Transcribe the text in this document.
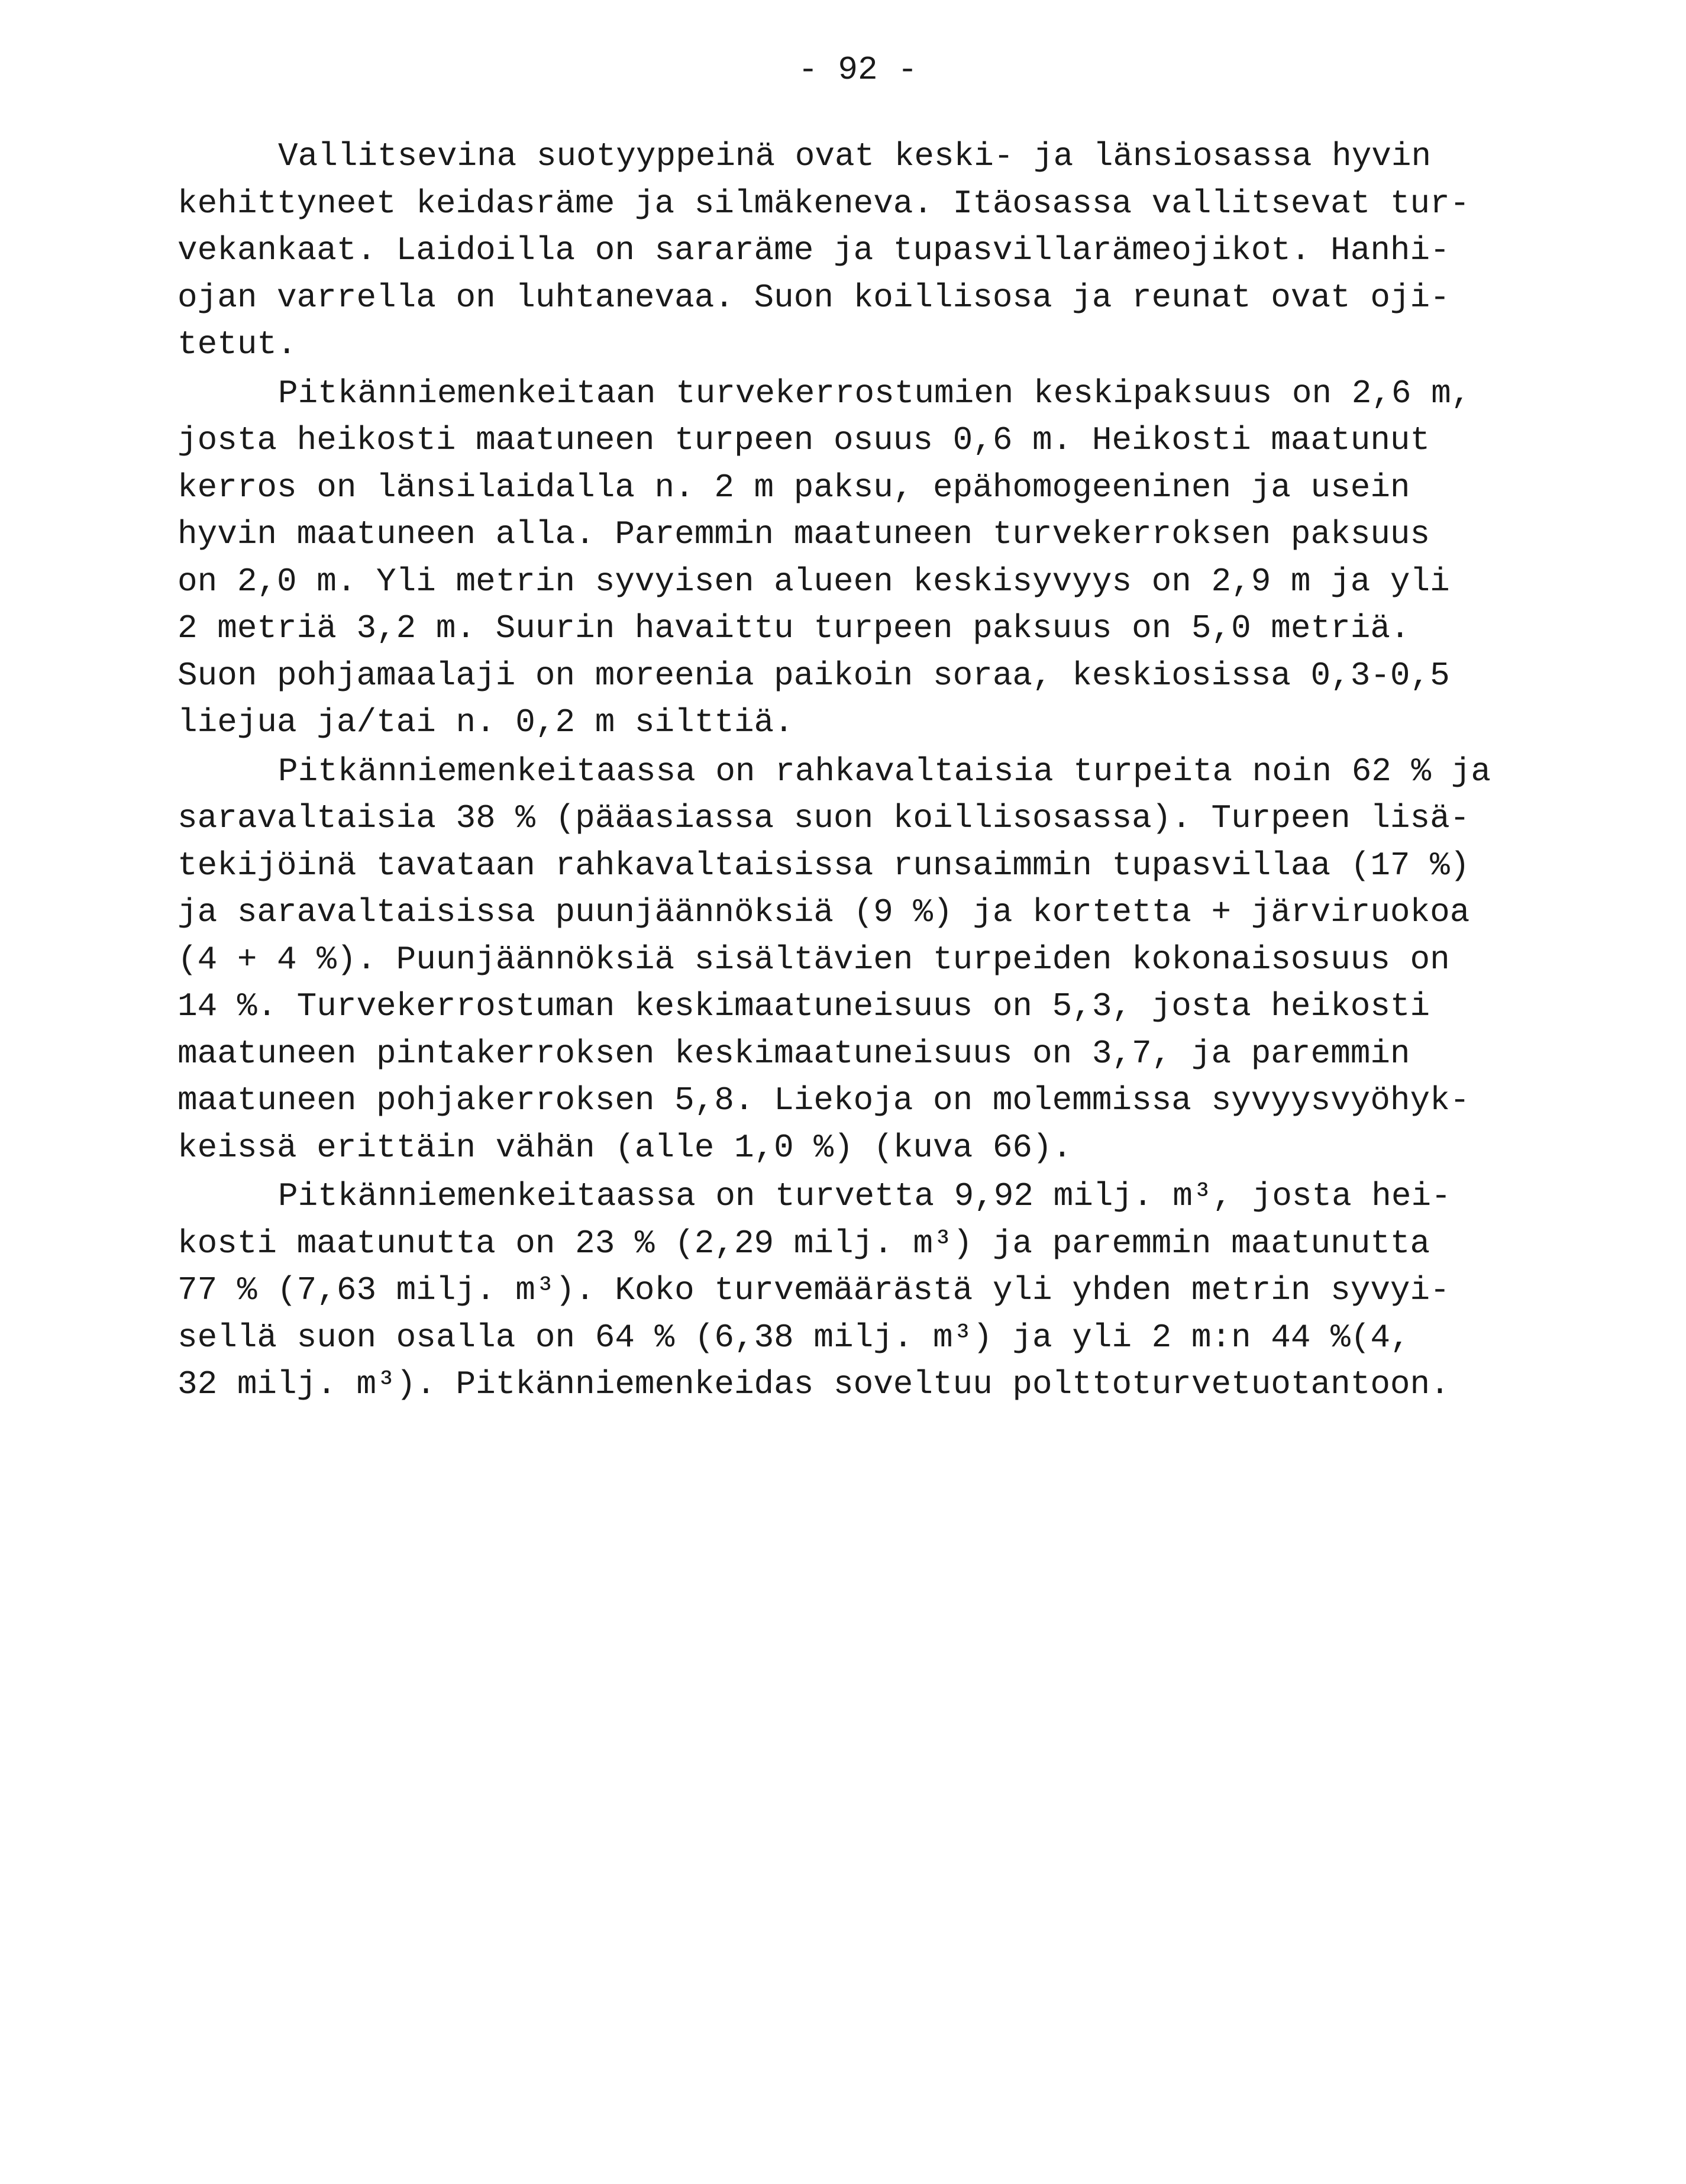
- 92 -
Vallitsevina suotyyppeinä ovat keski- ja länsiosassa hyvin
kehittyneet keidasräme ja silmäkeneva. Itäosassa vallitsevat tur-
vekankaat. Laidoilla on sararäme ja tupasvillarämeojikot. Hanhi-
ojan varrella on luhtanevaa. Suon koillisosa ja reunat ovat oji-
tetut.
Pitkänniemenkeitaan turvekerrostumien keskipaksuus on 2,6 m,
josta heikosti maatuneen turpeen osuus 0,6 m. Heikosti maatunut
kerros on länsilaidalla n. 2 m paksu, epähomogeeninen ja usein
hyvin maatuneen alla. Paremmin maatuneen turvekerroksen paksuus
on 2,0 m. Yli metrin syvyisen alueen keskisyvyys on 2,9 m ja yli
2 metriä 3,2 m. Suurin havaittu turpeen paksuus on 5,0 metriä.
Suon pohjamaalaji on moreenia paikoin soraa, keskiosissa 0,3-0,5
liejua ja/tai n. 0,2 m silttiä.
Pitkänniemenkeitaassa on rahkavaltaisia turpeita noin 62 % ja
saravaltaisia 38 % (pääasiassa suon koillisosassa). Turpeen lisä-
tekijöinä tavataan rahkavaltaisissa runsaimmin tupasvillaa (17 %)
ja saravaltaisissa puunjäännöksiä (9 %) ja kortetta + järviruokoa
(4 + 4 %). Puunjäännöksiä sisältävien turpeiden kokonaisosuus on
14 %. Turvekerrostuman keskimaatuneisuus on 5,3, josta heikosti
maatuneen pintakerroksen keskimaatuneisuus on 3,7, ja paremmin
maatuneen pohjakerroksen 5,8. Liekoja on molemmissa syvyysvyöhyk-
keissä erittäin vähän (alle 1,0 %) (kuva 66).
Pitkänniemenkeitaassa on turvetta 9,92 milj. m³, josta hei-
kosti maatunutta on 23 % (2,29 milj. m³) ja paremmin maatunutta
77 % (7,63 milj. m³). Koko turvemäärästä yli yhden metrin syvyi-
sellä suon osalla on 64 % (6,38 milj. m³) ja yli 2 m:n 44 %(4,
32 milj. m³). Pitkänniemenkeidas soveltuu polttoturvetuotantoon.
